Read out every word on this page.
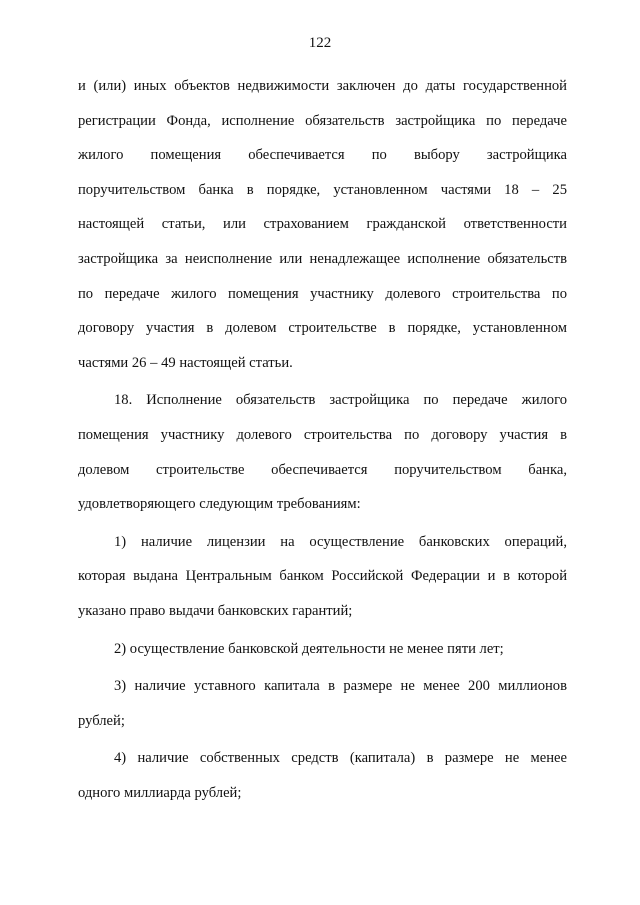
122

и (или) иных объектов недвижимости заключен до даты государственной
регистрации Фонда, исполнение обязательств застройщика по передаче
жилого помещения обеспечивается по выбору застройщика
поручительством банка в порядке, установленном частями 18 – 25
настоящей статьи, или страхованием гражданской ответственности
застройщика за неисполнение или ненадлежащее исполнение обязательств
по передаче жилого помещения участнику долевого строительства по
договору участия в долевом строительстве в порядке, установленном
частями 26 – 49 настоящей статьи.

18. Исполнение обязательств застройщика по передаче жилого
помещения участнику долевого строительства по договору участия в
долевом строительстве обеспечивается поручительством банка,
удовлетворяющего следующим требованиям:

1) наличие лицензии на осуществление банковских операций,
которая выдана Центральным банком Российской Федерации и в которой
указано право выдачи банковских гарантий;

2) осуществление банковской деятельности не менее пяти лет;

3) наличие уставного капитала в размере не менее 200 миллионов
рублей;

4) наличие собственных средств (капитала) в размере не менее
одного миллиарда рублей;
